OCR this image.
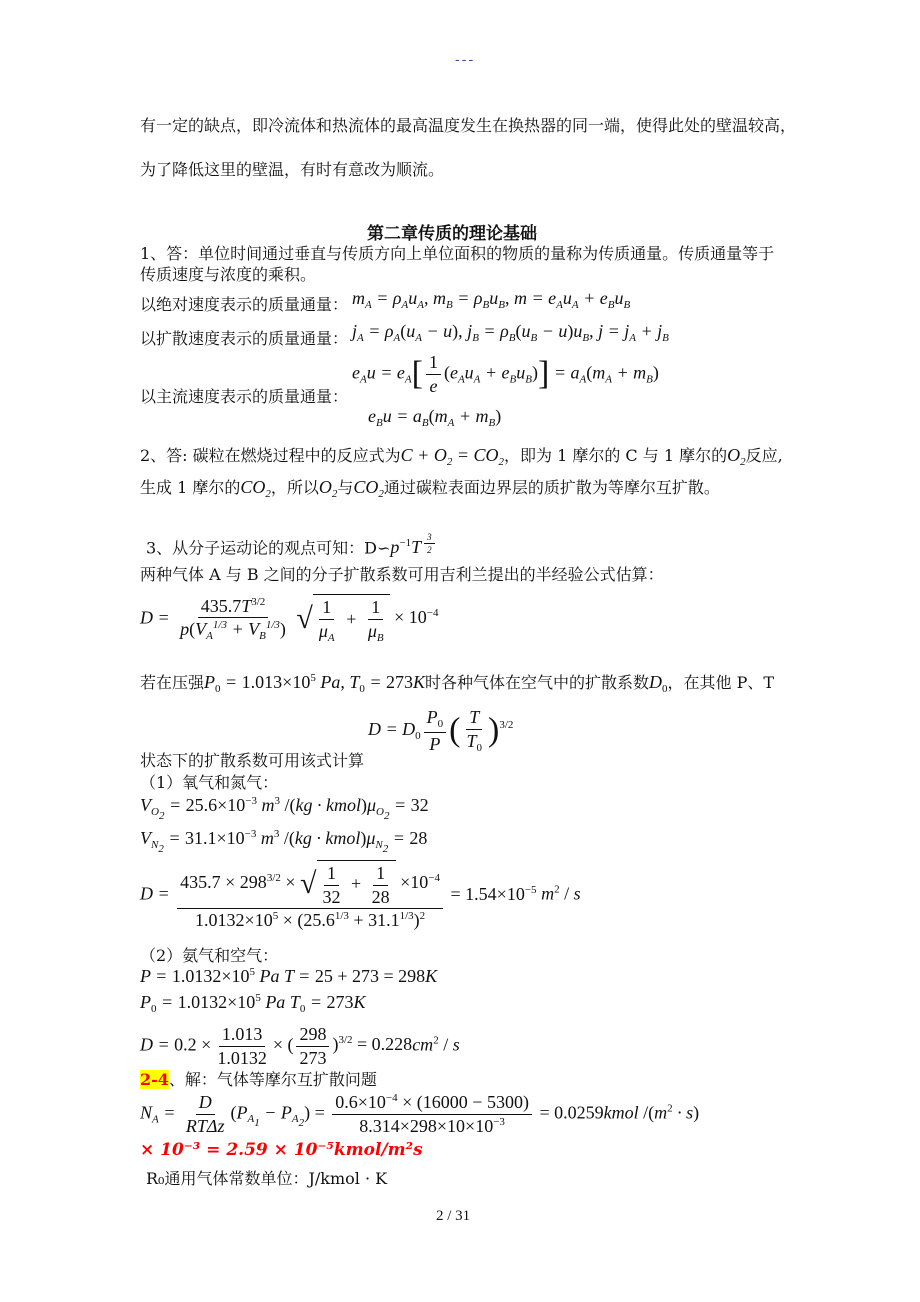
---
有一定的缺点，即冷流体和热流体的最高温度发生在换热器的同一端，使得此处的壁温较高，
为了降低这里的壁温，有时有意改为顺流。
第二章传质的理论基础
1、答：单位时间通过垂直与传质方向上单位面积的物质的量称为传质通量。传质通量等于
传质速度与浓度的乘积。
以绝对速度表示的质量通量： $m_A = \rho_Au_A$, $m_B = \rho_Bu_B$, $m = e_Au_A + e_Bu_B$
以扩散速度表示的质量通量： $j_A = \rho_A(u_A - u)$, $j_B = \rho_B(u_B - u)u_B$, $j = j_A + j_B$
以主流速度表示的质量通量：
$e_Au = e_A[ \frac{1}{e} (e_Au_A + e_Bu_B)] = a_A(m_A + m_B)$
$e_Bu = a_B(m_A + m_B)$
2、答: 碳粒在燃烧过程中的反应式为$C + O_2 = CO_2$，即为 1 摩尔的 C 与 1 摩尔的$O_2$反应,
生成 1 摩尔的$CO_2$，所以$O_2$与$CO_2$通过碳粒表面边界层的质扩散为等摩尔互扩散。
3、从分子运动论的观点可知：$D∽p^{-1}T$ $^{\frac{3}{2}}$
两种气体 A 与 B 之间的分子扩散系数可用吉利兰提出的半经验公式估算：
$D = \frac{435.7T^{3/2}}{p(V_A^{1/3} + V_B^{1/3})}$
√ $\frac{1}{\mu_A} + \frac{1}{\mu_B} \times 10^{-4}$
若在压强$P_0 = 1.013\times 10^5$ Pa, $T_0 = 273K$时各种气体在空气中的扩散系数$D_0$，在其他 P、T
$D = D_0 \frac{P_0}{P}$ ( $\frac{T}{T_0} )^{3/2}$
状态下的扩散系数可用该式计算
（1）氧气和氮气：
$V_{O_2} = 25.6\times 10^{-3}$ $m^3$ $/(kg \cdot kmol)\mu_{O_2} = 32$
$V_{N_2} = 31.1\times 10^{-3}$ $m^3$ $/(kg \cdot kmol)\mu_{N_2} = 28$
$D = \frac{435.7 \times 298^{3/2} \times √ \frac{1}{32} + \frac{1}{28} \times 10^{-4}}{1.0132\times 10^5 \times (25.6^{1/3} + 31.1^{1/3})^2} = 1.54\times 10^{-5}$ $m^2$ / s
（2）氨气和空气：
$P = 1.0132\times 10^5$ Pa T = 25 + 273 = 298K
$P_0 = 1.0132\times 10^5$ Pa $T_0 = 273K$
$D = 0.2 \times \frac{1.013}{1.0132}$ × ( $\frac{298}{273} )^{3/2} = 0.228cm^2 / s$
2-4、解：气体等摩尔互扩散问题
$N_A = \frac{D}{\text{RTΔz}} (P_{A_1} - P_{A_2}) = \frac{0.6\times 10^{-4} \times (16000 - 5300)}{8.314\times 298\times 10\times 10^{-3}}$ = 0.0259kmol $/(m^2 \cdot s)$
× 10⁻³ = 2.59 × 10⁻⁵kmol/m²s
R₀通用气体常数单位：J/kmol · K
2 / 31
